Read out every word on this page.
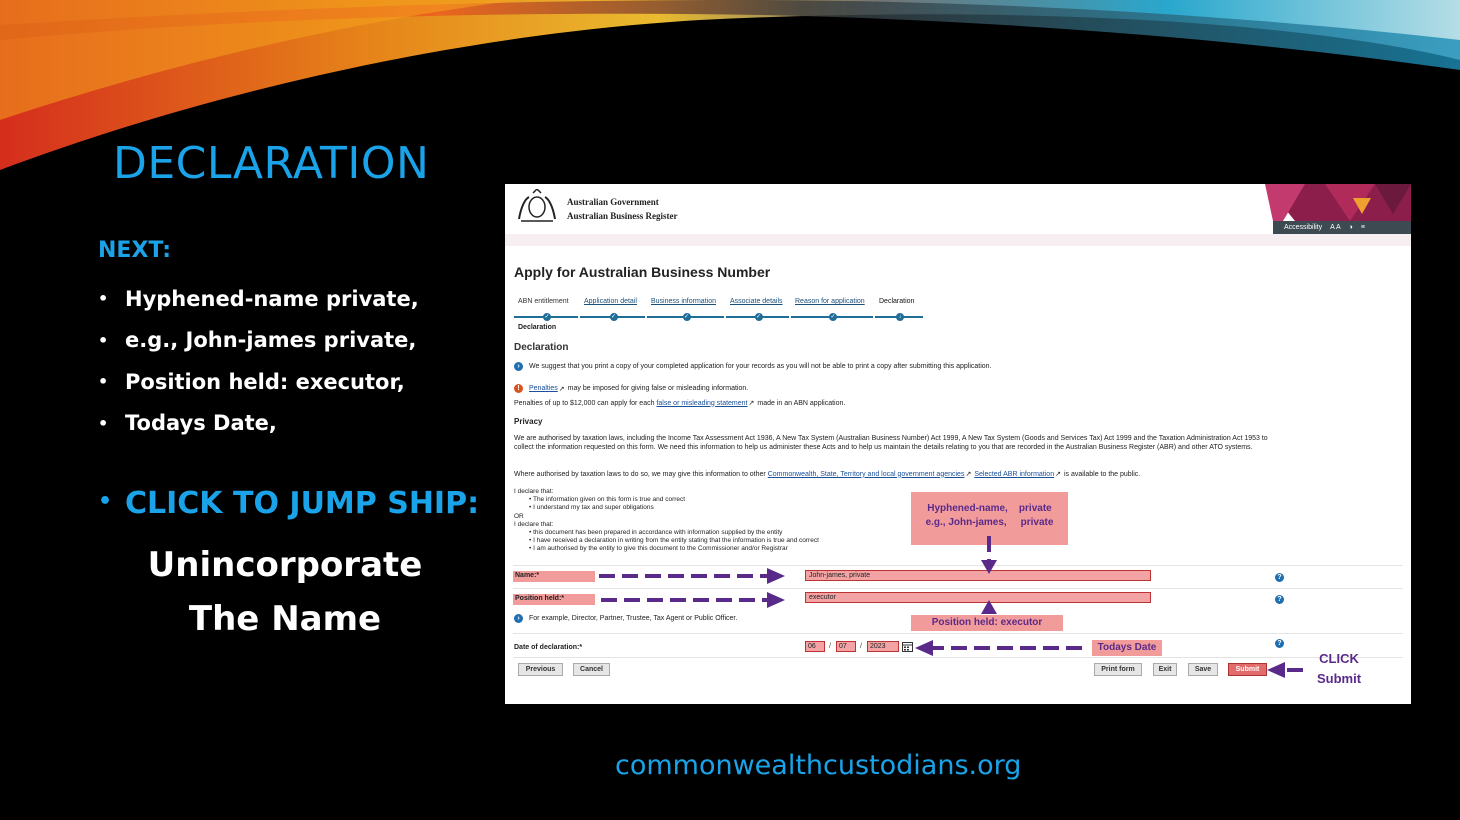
DECLARATION
NEXT:
• Hyphened-name private,
• e.g., John-james private,
• Position held: executor,
• Todays Date,
• CLICK TO JUMP SHIP:
Unincorporate
The Name
commonwealthcustodians.org
Australian Government
Australian Business Register
Accessibility A A ◑ ≡
Apply for Australian Business Number
ABN entitlement
✓
Application detail
✓
Business information
✓
Associate details
✓
Reason for application
✓
Declaration
↓
Declaration
Declaration
›	We suggest that you print a copy of your completed application for your records as you will not be able to print a copy after submitting this application.
!	Penalties ↗ may be imposed for giving false or misleading information.
Penalties of up to $12,000 can apply for each
false or misleading statement ↗ made in an ABN application.
Privacy
We are authorised by taxation laws, including the Income Tax Assessment Act 1936, A New Tax System (Australian Business Number) Act 1999, A New Tax System (Goods and Services Tax) Act 1999 and the Taxation Administration Act 1953 to collect the information requested on this form. We need this information to help us administer these Acts and to help us maintain the details relating to you that are recorded in the Australian Business Register (ABR) and other ATO systems.
Where authorised by taxation laws to do so, we may give this information to other
Commonwealth, State, Territory and local government agencies ↗ Selected ABR information ↗ is available to the public.
I declare that:
• The information given on this form is true and correct
• I understand my tax and super obligations
OR
I declare that:
• this document has been prepared in accordance with information supplied by the entity
• I have received a declaration in writing from the entity stating that the information is true and correct
• I am authorised by the entity to give this document to the Commissioner and/or Registrar
Name:*	John-james, private	?
Position held:*	executor	?
›	For example, Director, Partner, Trustee, Tax Agent or Public Officer.
Date of declaration:*	06	/	07	/	2023	?
Previous	Cancel	Print form	Exit	Save	Submit
Hyphened-name,    private
e.g., John-james,     private
Position held: executor
Todays Date
CLICK
Submit
